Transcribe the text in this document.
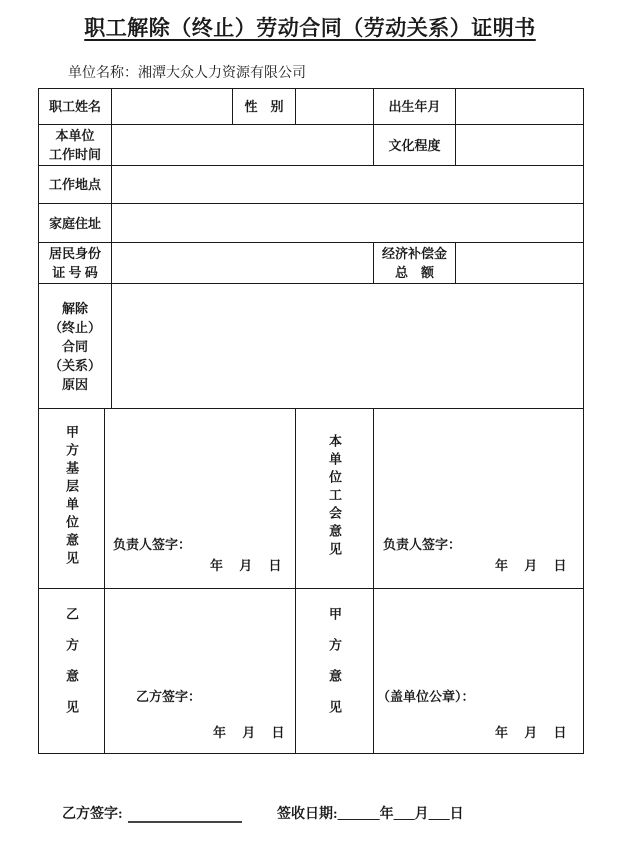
职工解除（终止）劳动合同（劳动关系）证明书
单位名称：湘潭大众人力资源有限公司
职工姓名			性　别		出生年月	

本单位
工作时间					文化程度	
工作地点						
家庭住址						

居民身份
证 号 码					经济补偿金
总　额	

解除
（终止）
合同
（关系）
原因						

甲方基层单位意见	负责人签字：
年　 月　 日
	本单位工会意见	负责人签字：
年　 月　 日

乙方意见	乙方签字：
年　 月　 日
	甲方意见	（盖单位公章）：
年　 月　 日
乙方签字:	签收日期:______年___月___日
